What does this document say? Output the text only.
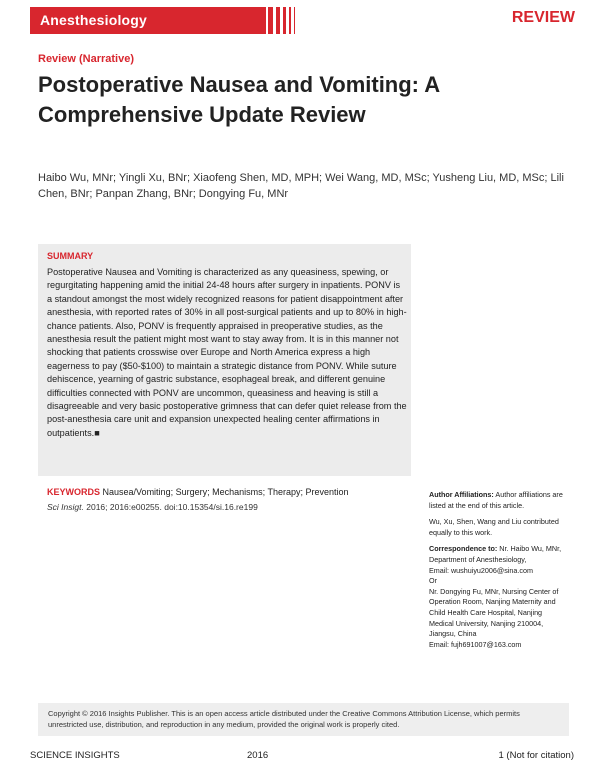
Anesthesiology	REVIEW
Review (Narrative)
Postoperative Nausea and Vomiting: A Comprehensive Update Review
Haibo Wu, MNr; Yingli Xu, BNr; Xiaofeng Shen, MD, MPH; Wei Wang, MD, MSc; Yusheng Liu, MD, MSc; Lili Chen, BNr; Panpan Zhang, BNr; Dongying Fu, MNr
SUMMARY
Postoperative Nausea and Vomiting is characterized as any queasiness, spewing, or regurgitating happening amid the initial 24-48 hours after surgery in inpatients. PONV is a standout amongst the most widely recognized reasons for patient disappointment after anesthesia, with reported rates of 30% in all post-surgical patients and up to 80% in high-chance patients. Also, PONV is frequently appraised in preoperative studies, as the anesthesia result the patient might most want to stay away from. It is in this manner not shocking that patients crosswise over Europe and North America express a high eagerness to pay ($50-$100) to maintain a strategic distance from PONV. While suture dehiscence, yearning of gastric substance, esophageal break, and different genuine difficulties connected with PONV are uncommon, queasiness and heaving is still a disagreeable and very basic postoperative grimness that can defer quiet release from the post-anesthesia care unit and expansion unexpected healing center affirmations in outpatients.■
KEYWORDS Nausea/Vomiting; Surgery; Mechanisms; Therapy; Prevention
Sci Insigt. 2016; 2016:e00255. doi:10.15354/si.16.re199

Author Affiliations: Author affiliations are listed at the end of this article.

Wu, Xu, Shen, Wang and Liu contributed equally to this work.

Correspondence to: Nr. Haibo Wu, MNr, Department of Anesthesiology,
Email: wushuiyu2006@sina.com
Or
Nr. Dongying Fu, MNr, Nursing Center of Operation Room, Nanjing Maternity and Child Health Care Hospital, Nanjing Medical University, Nanjing 210004, Jiangsu, China
Email: fujh691007@163.com
Copyright © 2016 Insights Publisher. This is an open access article distributed under the Creative Commons Attribution License, which permits unrestricted use, distribution, and reproduction in any medium, provided the original work is properly cited.
SCIENCE INSIGHTS	2016	1 (Not for citation)
